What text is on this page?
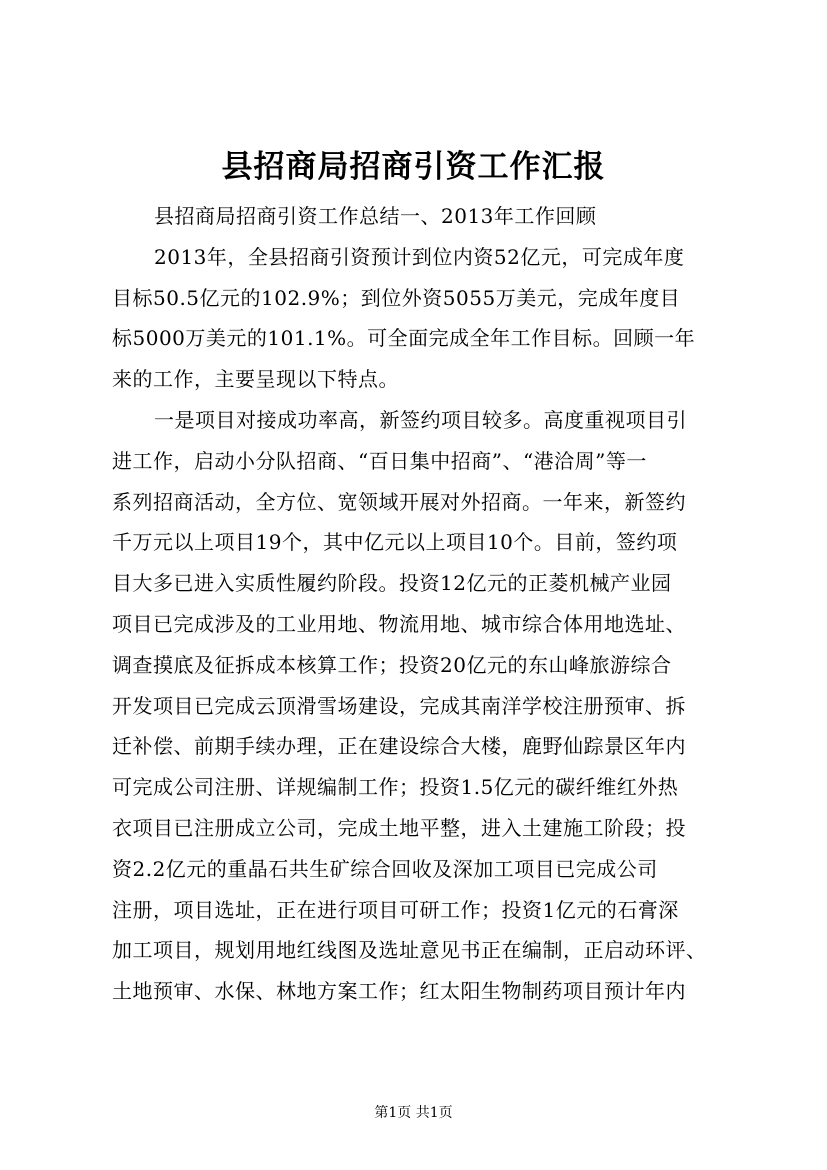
县招商局招商引资工作汇报
县招商局招商引资工作总结一、2013年工作回顾
2013年，全县招商引资预计到位内资52亿元，可完成年度
目标50.5亿元的102.9%；到位外资5055万美元，完成年度目
标5000万美元的101.1%。可全面完成全年工作目标。回顾一年
来的工作，主要呈现以下特点。
一是项目对接成功率高，新签约项目较多。高度重视项目引
进工作，启动小分队招商、“百日集中招商”、“港洽周”等一
系列招商活动，全方位、宽领域开展对外招商。一年来，新签约
千万元以上项目19个，其中亿元以上项目10个。目前，签约项
目大多已进入实质性履约阶段。投资12亿元的正菱机械产业园
项目已完成涉及的工业用地、物流用地、城市综合体用地选址、
调查摸底及征拆成本核算工作；投资20亿元的东山峰旅游综合
开发项目已完成云顶滑雪场建设，完成其南洋学校注册预审、拆
迁补偿、前期手续办理，正在建设综合大楼，鹿野仙踪景区年内
可完成公司注册、详规编制工作；投资1.5亿元的碳纤维红外热
衣项目已注册成立公司，完成土地平整，进入土建施工阶段；投
资2.2亿元的重晶石共生矿综合回收及深加工项目已完成公司
注册，项目选址，正在进行项目可研工作；投资1亿元的石膏深
加工项目，规划用地红线图及选址意见书正在编制，正启动环评、
土地预审、水保、林地方案工作；红太阳生物制药项目预计年内
第1页 共1页
